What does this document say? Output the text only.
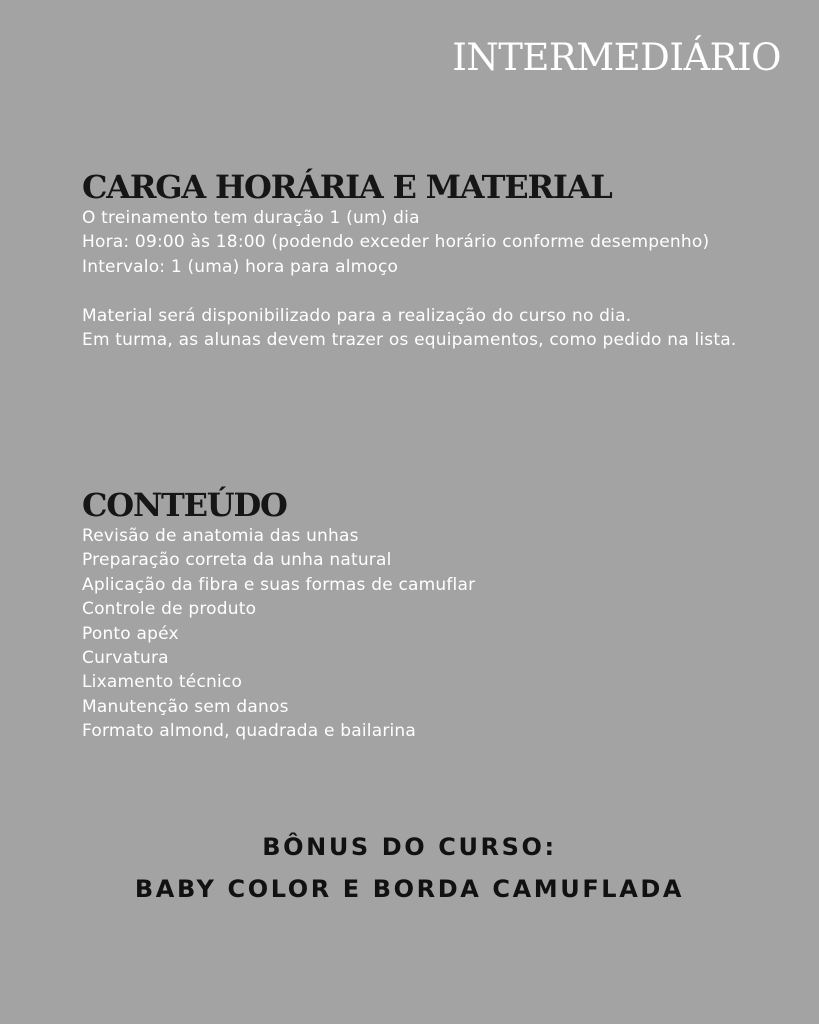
INTERMEDIÁRIO
CARGA HORÁRIA E MATERIAL

O treinamento tem duração 1 (um) dia

Hora: 09:00 às 18:00 (podendo exceder horário conforme desempenho)

Intervalo: 1 (uma) hora para almoço

Material será disponibilizado para a realização do curso no dia.

Em turma, as alunas devem trazer os equipamentos, como pedido na lista.

CONTEÚDO

Revisão de anatomia das unhas

Preparação correta da unha natural

Aplicação da fibra e suas formas de camuflar

Controle de produto

Ponto apéx

Curvatura

Lixamento técnico

Manutenção sem danos

Formato almond, quadrada e bailarina

BÔNUS DO CURSO:
BABY COLOR E BORDA CAMUFLADA
